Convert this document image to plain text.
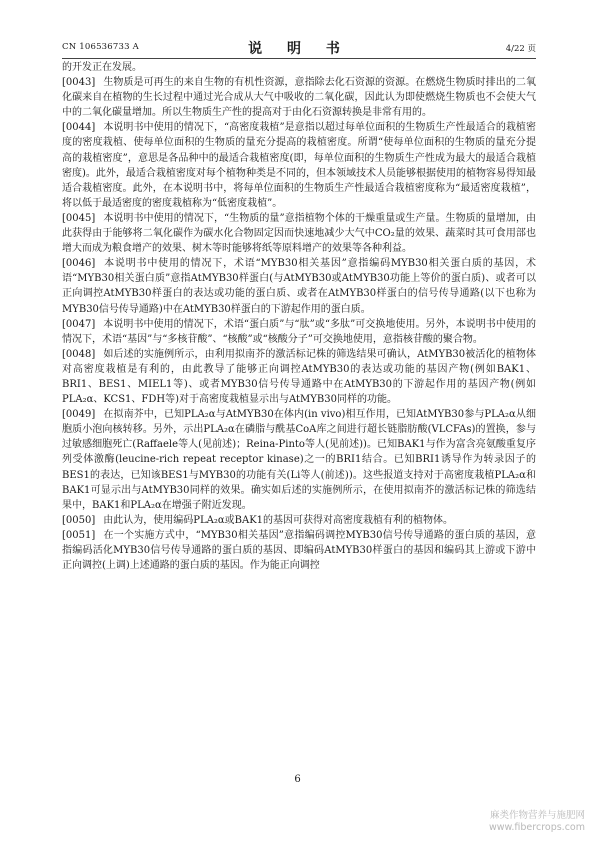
CN 106536733 A	说 明 书	4/22 页

的开发正在发展。

[0043] 生物质是可再生的来自生物的有机性资源，意指除去化石资源的资源。在燃烧生物质时排出的二氧化碳来自在植物的生长过程中通过光合成从大气中吸收的二氧化碳，因此认为即使燃烧生物质也不会使大气中的二氧化碳量增加。所以生物质生产性的提高对于由化石资源转换是非常有用的。

[0044] 本说明书中使用的情况下，“高密度栽植”是意指以超过每单位面积的生物质生产性最适合的栽植密度的密度栽植、使每单位面积的生物质的量充分提高的栽植密度。所谓“使每单位面积的生物质的量充分提高的栽植密度”，意思是各品种中的最适合栽植密度(即，每单位面积的生物质生产性成为最大的最适合栽植密度)。此外，最适合栽植密度对每个植物种类是不同的，但本领域技术人员能够根据使用的植物容易得知最适合栽植密度。此外，在本说明书中，将每单位面积的生物质生产性最适合栽植密度称为“最适密度栽植”，将以低于最适密度的密度栽植称为“低密度栽植”。

[0045] 本说明书中使用的情况下，“生物质的量”意指植物个体的干燥重量或生产量。生物质的量增加，由此获得由于能够将二氧化碳作为碳水化合物固定因而快速地减少大气中CO₂量的效果、蔬菜时其可食用部也增大而成为粮食增产的效果、树木等时能够将纸等原料增产的效果等各种利益。

[0046] 本说明书中使用的情况下，术语“MYB30相关基因”意指编码MYB30相关蛋白质的基因，术语“MYB30相关蛋白质”意指AtMYB30样蛋白(与AtMYB30或AtMYB30功能上等价的蛋白质)、或者可以正向调控AtMYB30样蛋白的表达或功能的蛋白质、或者在AtMYB30样蛋白的信号传导通路(以下也称为MYB30信号传导通路)中在AtMYB30样蛋白的下游起作用的蛋白质。

[0047] 本说明书中使用的情况下，术语“蛋白质”与“肽”或“多肽”可交换地使用。另外，本说明书中使用的情况下，术语“基因”与“多核苷酸”、“核酸”或“核酸分子”可交换地使用，意指核苷酸的聚合物。

[0048] 如后述的实施例所示，由利用拟南芥的激活标记株的筛选结果可确认，AtMYB30被活化的植物体对高密度栽植是有利的，由此教导了能够正向调控AtMYB30的表达或功能的基因产物(例如BAK1、BRI1、BES1、MIEL1等)、或者MYB30信号传导通路中在AtMYB30的下游起作用的基因产物(例如PLA₂α、KCS1、FDH等)对于高密度栽植显示出与AtMYB30同样的功能。

[0049] 在拟南芥中，已知PLA₂α与AtMYB30在体内(in vivo)相互作用，已知AtMYB30参与PLA₂α从细胞质小泡向核转移。另外，示出PLA₂α在磷脂与酰基CoA库之间进行超长链脂肪酸(VLCFAs)的置换，参与过敏感细胞死亡(Raffaele等人(见前述)；Reina-Pinto等人(见前述))。已知BAK1与作为富含亮氨酸重复序列受体激酶(leucine-rich repeat receptor kinase)之一的BRI1结合。已知BRI1诱导作为转录因子的BES1的表达，已知该BES1与MYB30的功能有关(Li等人(前述))。这些报道支持对于高密度栽植PLA₂α和BAK1可显示出与AtMYB30同样的效果。确实如后述的实施例所示，在使用拟南芥的激活标记株的筛选结果中，BAK1和PLA₂α在增强子附近发现。

[0050] 由此认为，使用编码PLA₂α或BAK1的基因可获得对高密度栽植有利的植物体。

[0051] 在一个实施方式中，“MYB30相关基因”意指编码调控MYB30信号传导通路的蛋白质的基因，意指编码活化MYB30信号传导通路的蛋白质的基因、即编码AtMYB30样蛋白的基因和编码其上游或下游中正向调控(上调)上述通路的蛋白质的基因。作为能正向调控

6
麻类作物营养与施肥网
www.fibercrops.com
